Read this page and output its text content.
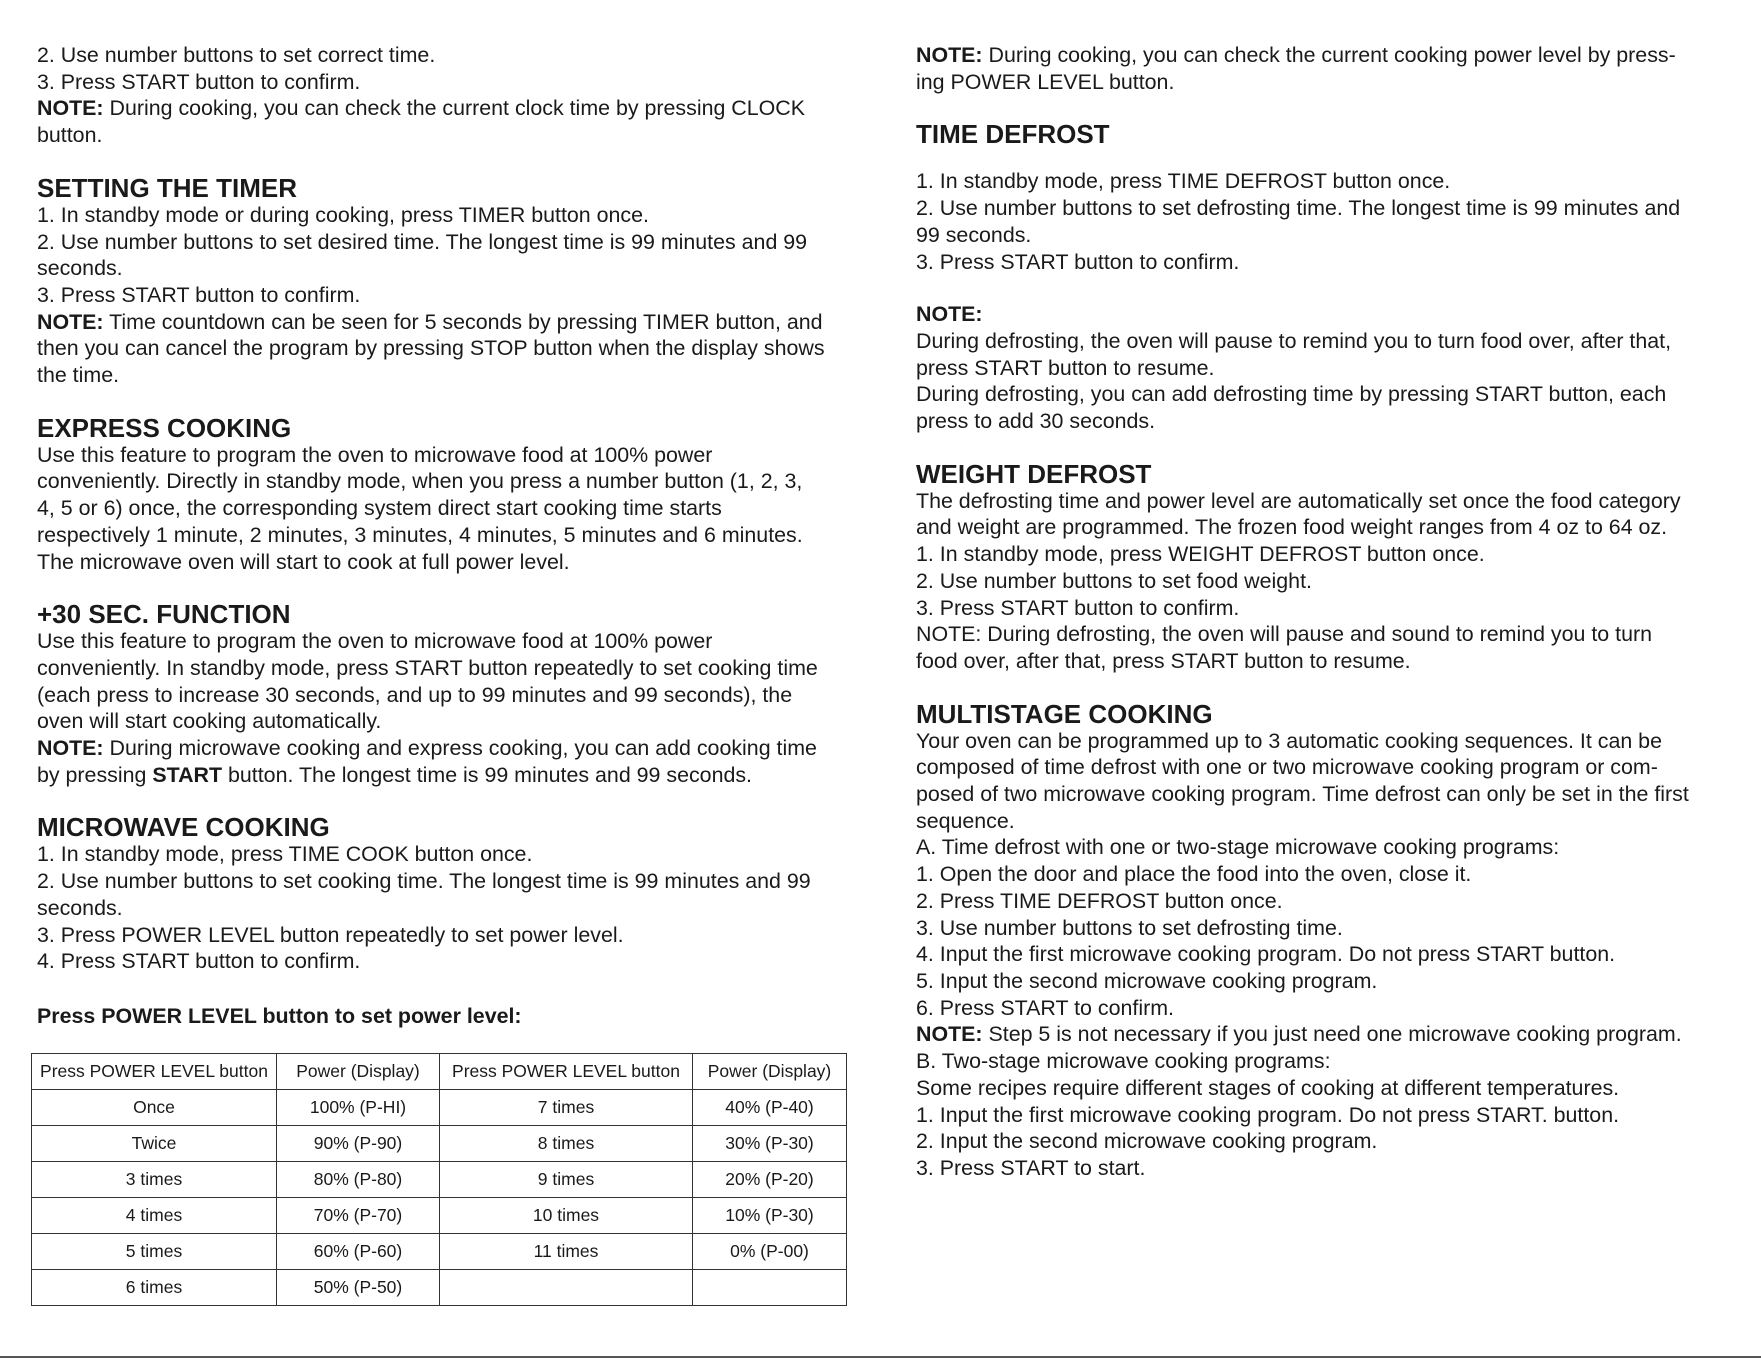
2. Use number buttons to set correct time.
3. Press START button to confirm.
NOTE: During cooking, you can check the current clock time by pressing CLOCK
button.
SETTING THE TIMER
1. In standby mode or during cooking, press TIMER button once.
2. Use number buttons to set desired time. The longest time is 99 minutes and 99
seconds.
3. Press START button to confirm.
NOTE: Time countdown can be seen for 5 seconds by pressing TIMER button, and
then you can cancel the program by pressing STOP button when the display shows
the time.
EXPRESS COOKING
Use this feature to program the oven to microwave food at 100% power
conveniently. Directly in standby mode, when you press a number button (1, 2, 3,
4, 5 or 6) once, the corresponding system direct start cooking time starts
respectively 1 minute, 2 minutes, 3 minutes, 4 minutes, 5 minutes and 6 minutes.
The microwave oven will start to cook at full power level.
+30 SEC. FUNCTION
Use this feature to program the oven to microwave food at 100% power
conveniently. In standby mode, press START button repeatedly to set cooking time
(each press to increase 30 seconds, and up to 99 minutes and 99 seconds), the
oven will start cooking automatically.
NOTE: During microwave cooking and express cooking, you can add cooking time
by pressing START button. The longest time is 99 minutes and 99 seconds.
MICROWAVE COOKING
1. In standby mode, press TIME COOK button once.
2. Use number buttons to set cooking time. The longest time is 99 minutes and 99
seconds.
3. Press POWER LEVEL button repeatedly to set power level.
4. Press START button to confirm.
Press POWER LEVEL button to set power level:
Press POWER LEVEL button	Power (Display)	Press POWER LEVEL button	Power (Display)
Once	100% (P-HI)	7 times	40% (P-40)
Twice	90% (P-90)	8 times	30% (P-30)
3 times	80% (P-80)	9 times	20% (P-20)
4 times	70% (P-70)	10 times	10% (P-30)
5 times	60% (P-60)	11 times	0% (P-00)
6 times	50% (P-50)		
NOTE: During cooking, you can check the current cooking power level by press-
ing POWER LEVEL button.
TIME DEFROST
1. In standby mode, press TIME DEFROST button once.
2. Use number buttons to set defrosting time. The longest time is 99 minutes and
99 seconds.
3. Press START button to confirm.
NOTE:
During defrosting, the oven will pause to remind you to turn food over, after that,
press START button to resume.
During defrosting, you can add defrosting time by pressing START button, each
press to add 30 seconds.
WEIGHT DEFROST
The defrosting time and power level are automatically set once the food category
and weight are programmed. The frozen food weight ranges from 4 oz to 64 oz.
1. In standby mode, press WEIGHT DEFROST button once.
2. Use number buttons to set food weight.
3. Press START button to confirm.
NOTE: During defrosting, the oven will pause and sound to remind you to turn
food over, after that, press START button to resume.
MULTISTAGE COOKING
Your oven can be programmed up to 3 automatic cooking sequences. It can be
composed of time defrost with one or two microwave cooking program or com-
posed of two microwave cooking program. Time defrost can only be set in the first
sequence.
A. Time defrost with one or two-stage microwave cooking programs:
1. Open the door and place the food into the oven, close it.
2. Press TIME DEFROST button once.
3. Use number buttons to set defrosting time.
4. Input the first microwave cooking program. Do not press START button.
5. Input the second microwave cooking program.
6. Press START to confirm.
NOTE: Step 5 is not necessary if you just need one microwave cooking program.
B. Two-stage microwave cooking programs:
Some recipes require different stages of cooking at different temperatures.
1. Input the first microwave cooking program. Do not press START. button.
2. Input the second microwave cooking program.
3. Press START to start.
